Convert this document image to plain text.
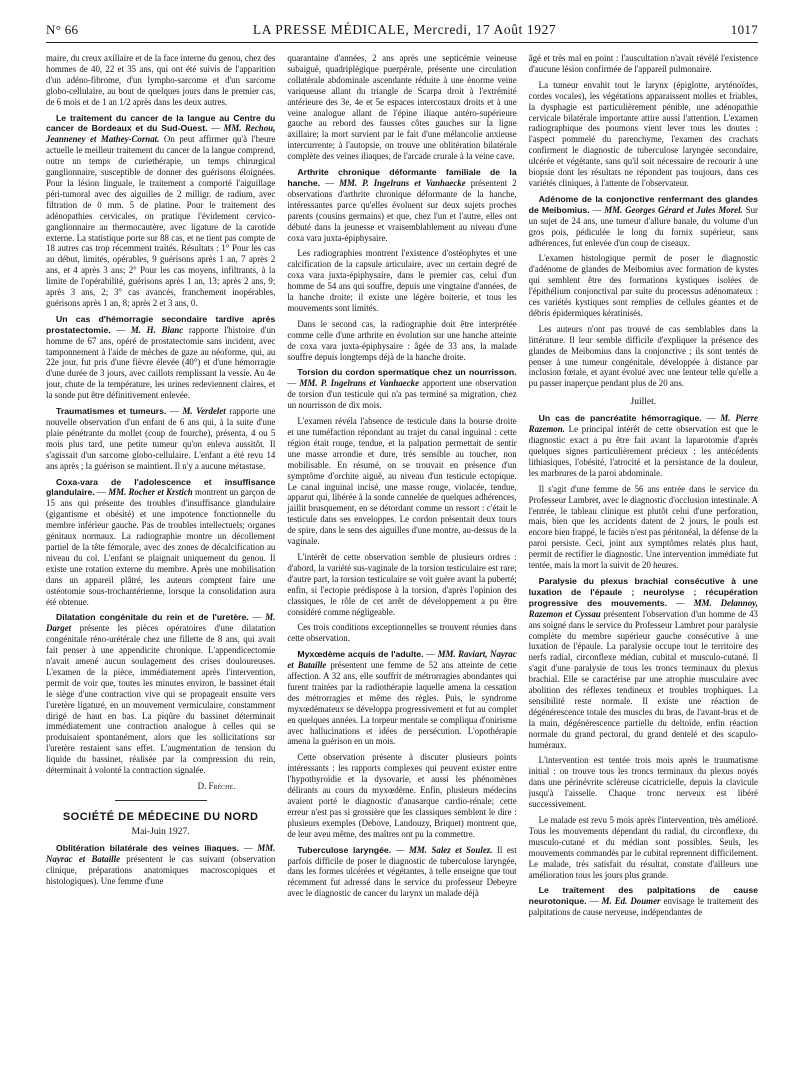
N° 66	LA PRESSE MÉDICALE, Mercredi, 17 Août 1927	1017

maire, du creux axillaire et de la face interne du genou, chez des hommes de 40, 22 et 35 ans, qui ont été suivis de l'apparition d'un adéno-fibrome, d'un lympho-sarcome et d'un sarcome globo-cellulaire, au bout de quelques jours dans le premier cas, de 6 mois et de 1 an 1/2 après dans les deux autres.

Le traitement du cancer de la langue au Centre du cancer de Bordeaux et du Sud-Ouest. — MM. Rechou, Jeanneney et Mathey-Cornat. On peut affirmer qu'à l'heure actuelle le meilleur traitement du cancer de la langue comprend, outre un temps de curiethérapie, un temps chirurgical ganglionnaire, susceptible de donner des guérisons éloignées. Pour la lésion linguale, le traitement a comporté l'aiguillage péri-tumoral avec des aiguilles de 2 milligr. de radium, avec filtration de 0 mm. 5 de platine. Pour le traitement des adénopathies cervicales, on pratique l'évidement cervico-ganglionnaire au thermocautère, avec ligature de la carotide externe. La statistique porte sur 88 cas, et ne tient pas compte de 18 autres cas trop récemment traités. Résultats : 1° Pour les cas au début, limités, opérables, 9 guérisons après 1 an, 7 après 2 ans, et 4 après 3 ans; 2° Pour les cas moyens, infiltrants, à la limite de l'opérabilité, guérisons après 1 an, 13; après 2 ans, 9; après 3 ans, 2; 3° cas avancés, franchement inopérables, guérisons après 1 an, 8; après 2 et 3 ans, 0.

Un cas d'hémorragie secondaire tardive après prostatectomie. — M. H. Blanc rapporte l'histoire d'un homme de 67 ans, opéré de prostatectomie sans incident, avec tamponnement à l'aide de mèches de gaze au néoforme, qui, au 22e jour, fut pris d'une fièvre élevée (40°) et d'une hémorragie d'une durée de 3 jours, avec caillots remplissant la vessie. Au 4e jour, chute de la température, les urines redeviennent claires, et la sonde put être définitivement enlevée.

Traumatismes et tumeurs. — M. Verdelet rapporte une nouvelle observation d'un enfant de 6 ans qui, à la suite d'une plaie pénétrante du mollet (coup de fourche), présenta, 4 ou 5 mois plus tard, une petite tumeur qu'on enleva aussitôt. Il s'agissait d'un sarcome globo-cellulaire. L'enfant a été revu 14 ans après ; la guérison se maintient. Il n'y a aucune métastase.

Coxa-vara de l'adolescence et insuffisance glandulaire. — MM. Rocher et Krstich montrent un garçon de 15 ans qui présente des troubles d'insuffisance glandulaire (gigantisme et obésité) et une impotence fonctionnelle du membre inférieur gauche. Pas de troubles intellectuels; organes génitaux normaux. La radiographie montre un décollement partiel de la tête fémorale, avec des zones de décalcification au niveau du col. L'enfant se plaignait uniquement du genou. Il existe une rotation externe du membre. Après une mobilisation dans un appareil plâtré, les auteurs comptent faire une ostéotomie sous-trochantérienne, lorsque la consolidation aura été obtenue.

Dilatation congénitale du rein et de l'uretère. — M. Darget présente les pièces opératoires d'une dilatation congénitale réno-urétérale chez une fillette de 8 ans, qui avait fait penser à une appendicite chronique. L'appendicectomie n'avait amené aucun soulagement des crises douloureuses. L'examen de la pièce, immédiatement après l'intervention, permit de voir que, toutes les minutes environ, le bassinet était le siège d'une contraction vive qui se propageait ensuite vers l'uretère ligaturé, en un mouvement vermiculaire, constamment dirigé de haut en bas. La piqûre du bassinet déterminait immédiatement une contraction analogue à celles qui se produisaient spontanément, alors que les sollicitations sur l'uretère restaient sans effet. L'augmentation de tension du liquide du bassinet, réalisée par la compression du rein, déterminait à volonté la contraction signalée.

D. Frèche.

SOCIÉTÉ DE MÉDECINE DU NORD
Mai-Juin 1927.

Oblitération bilatérale des veines iliaques. — MM. Nayrac et Bataille présentent le cas suivant (observation clinique, préparations anatomiques macroscopiques et histologiques). Une femme d'une

quarantaine d'années, 2 ans après une septicémie veineuse subaiguë, quadriplégique puerpérale, présente une circulation collatérale abdominale ascendante réduite à une énorme veine variqueuse allant du triangle de Scarpa droit à l'extrémité antérieure des 3e, 4e et 5e espaces intercostaux droits et à une veine analogue allant de l'épine iliaque antéro-supérieure gauche au rebord des fausses côtes gauches sur la ligne axillaire; la mort survient par le fait d'une mélancolie anxieuse intercurrente; à l'autopsie, on trouve une oblitération bilatérale complète des veines iliaques, de l'arcade crurale à la veine cave.

Arthrite chronique déformante familiale de la hanche. — MM. P. Ingelrans et Vanhaecke présentent 2 observations d'arthrite chronique déformante de la hanche, intéressantes parce qu'elles évoluent sur deux sujets proches parents (cousins germains) et que, chez l'un et l'autre, elles ont débuté dans la jeunesse et vraisemblablement au niveau d'une coxa vara juxta-épiphysaire.

Les radiographies montrent l'existence d'ostéophytes et une calcification de la capsule articulaire, avec un certain degré de coxa vara juxta-épiphysaire, dans le premier cas, celui d'un homme de 54 ans qui souffre, depuis une vingtaine d'années, de la hanche droite; il existe une légère boiterie, et tous les mouvements sont limités.

Dans le second cas, la radiographie doit être interprétée comme celle d'une arthrite en évolution sur une hanche atteinte de coxa vara juxta-épiphysaire : âgée de 33 ans, la malade souffre depuis longtemps déjà de la hanche droite.

Torsion du cordon spermatique chez un nourrisson. — MM. P. Ingelrans et Vanhaecke apportent une observation de torsion d'un testicule qui n'a pas terminé sa migration, chez un nourrisson de dix mois.

L'examen révéla l'absence de testicule dans la bourse droite et une tuméfaction répondant au trajet du canal inguinal : cette région était rouge, tendue, et la palpation permettait de sentir une masse arrondie et dure, très sensible au toucher, non mobilisable. En résumé, on se trouvait en présence d'un symptôme d'orchite aiguë, au niveau d'un testicule ectopique. Le canal inguinal incisé, une masse rouge, violacée, tendue, apparut qui, libérée à la sonde cannelée de quelques adhérences, jaillit brusquement, en se détordant comme un ressort : c'était le testicule dans ses enveloppes. Le cordon présentait deux tours de spire, dans le sens des aiguilles d'une montre, au-dessus de la vaginale.

L'intérêt de cette observation semble de plusieurs ordres : d'abord, la variété sus-vaginale de la torsion testiculaire est rare; d'autre part, la torsion testiculaire se voit guère avant la puberté; enfin, si l'ectopie prédispose à la torsion, d'après l'opinion des classiques, le rôle de cet arrêt de développement a pu être considéré comme négligeable.

Ces trois conditions exceptionnelles se trouvent réunies dans cette observation.

Myxœdème acquis de l'adulte. — MM. Raviart, Nayrac et Bataille présentent une femme de 52 ans atteinte de cette affection. A 32 ans, elle souffrit de métrorragies abondantes qui furent traitées par la radiothérapie laquelle amena la cessation des métrorragies et même des règles. Puis, le syndrome myxœdémateux se développa progressivement et fut au complet en quelques années. La torpeur mentale se compliqua d'onirisme avec hallucinations et idées de persécution. L'opothérapie amena la guérison en un mois.

Cette observation présente à discuter plusieurs points intéressants : les rapports complexes qui peuvent exister entre l'hypothyroïdie et la dysovarie, et aussi les phénomènes délirants au cours du myxœdème. Enfin, plusieurs médecins avaient porté le diagnostic d'anasarque cardio-rénale; cette erreur n'est pas si grossière que les classiques semblent le dire : plusieurs exemples (Debove, Landouzy, Briquet) montrent que, de leur aveu même, des maîtres ont pu la commettre.

Tuberculose laryngée. — MM. Salez et Soulez. Il est parfois difficile de poser le diagnostic de tuberculose laryngée, dans les formes ulcérées et végétantes, à telle enseigne que tout récemment fut adressé dans le service du professeur Debeyre avec le diagnostic de cancer du larynx un malade déjà

âgé et très mal en point : l'auscultation n'avait révélé l'existence d'aucune lésion confirmée de l'appareil pulmonaire.

La tumeur envahit tout le larynx (épiglotte, aryténoïdes, cordes vocales), les végétations apparaissent molles et friables, la dysphagie est particulièrement pénible, une adénopathie cervicale bilatérale importante attire aussi l'attention. L'examen radiographique des poumons vient lever tous les doutes : l'aspect pommelé du parenchyme, l'examen des crachats confirment le diagnostic de tuberculose laryngée secondaire, ulcérée et végétante, sans qu'il soit nécessaire de recourir à une biopsie dont les résultats ne répondent pas toujours, dans ces variétés cliniques, à l'attente de l'observateur.

Adénome de la conjonctive renfermant des glandes de Meibomius. — MM. Georges Gérard et Jules Morel. Sur un sujet de 24 ans, une tumeur d'allure banale, du volume d'un gros pois, pédiculée le long du fornix supérieur, sans adhérences, fut enlevée d'un coup de ciseaux.

L'examen histologique permit de poser le diagnostic d'adénome de glandes de Meibomius avec formation de kystes qui semblent être des formations kystiques isolées de l'épithélium conjonctival par suite du processus adénomateux : ces variétés kystiques sont remplies de cellules géantes et de débris épidermiques kératinisés.

Les auteurs n'ont pas trouvé de cas semblables dans la littérature. Il leur semble difficile d'expliquer la présence des glandes de Meibomius dans la conjonctive ; ils sont tentés de penser à une tumeur congénitale, développée à distance par inclusion fœtale, et ayant évolué avec une lenteur telle qu'elle a pu passer inaperçue pendant plus de 20 ans.

Juillet.

Un cas de pancréatite hémorragique. — M. Pierre Razemon. Le principal intérêt de cette observation est que le diagnostic exact a pu être fait avant la laparotomie d'après quelques signes particulièrement précieux : les antécédents lithiasiques, l'obésité, l'atrocité et la persistance de la douleur, les marbrures de la paroi abdominale.

Il s'agit d'une femme de 56 ans entrée dans le service du Professeur Lambret, avec le diagnostic d'occlusion intestinale. A l'entrée, le tableau clinique est plutôt celui d'une perforation, mais, bien que les accidents datent de 2 jours, le pouls est encore bien frappé, le faciès n'est pas péritonéal, la défense de la paroi persiste. Ceci, joint aux symptômes relatés plus haut, permit de rectifier le diagnostic. Une intervention immédiate fut tentée, mais la mort la suivit de 20 heures.

Paralysie du plexus brachial consécutive à une luxation de l'épaule ; neurolyse ; récupération progressive des mouvements. — MM. Delannoy, Razemon et Cyssau présentent l'observation d'un homme de 43 ans soigné dans le service du Professeur Lambret pour paralysie complète du membre supérieur gauche consécutive à une luxation de l'épaule. La paralysie occupe tout le territoire des nerfs radial, circonflexe médian, cubital et musculo-cutané. Il s'agit d'une paralysie de tous les troncs terminaux du plexus brachial. Elle se caractérise par une atrophie musculaire avec abolition des réflexes tendineux et troubles trophiques. La sensibilité reste normale. Il existe une réaction de dégénérescence totale des muscles du bras, de l'avant-bras et de la main, dégénérescence partielle du deltoïde, enfin réaction normale du grand pectoral, du grand dentelé et des scapulo-huméraux.

L'intervention est tentée trois mois après le traumatisme initial : on trouve tous les troncs terminaux du plexus noyés dans une périnévrite scléreuse cicatricielle, depuis la clavicule jusqu'à l'aisselle. Chaque tronc nerveux est libéré successivement.

Le malade est revu 5 mois après l'intervention, très amélioré. Tous les mouvements dépendant du radial, du circonflexe, du musculo-cutané et du médian sont possibles. Seuls, les mouvements commandés par le cubital reprennent difficilement. Le malade, très satisfait du résultat, constate d'ailleurs une amélioration tous les jours plus grande.

Le traitement des palpitations de cause neurotonique. — M. Ed. Doumer envisage le traitement des palpitations de cause nerveuse, indépendantes de
